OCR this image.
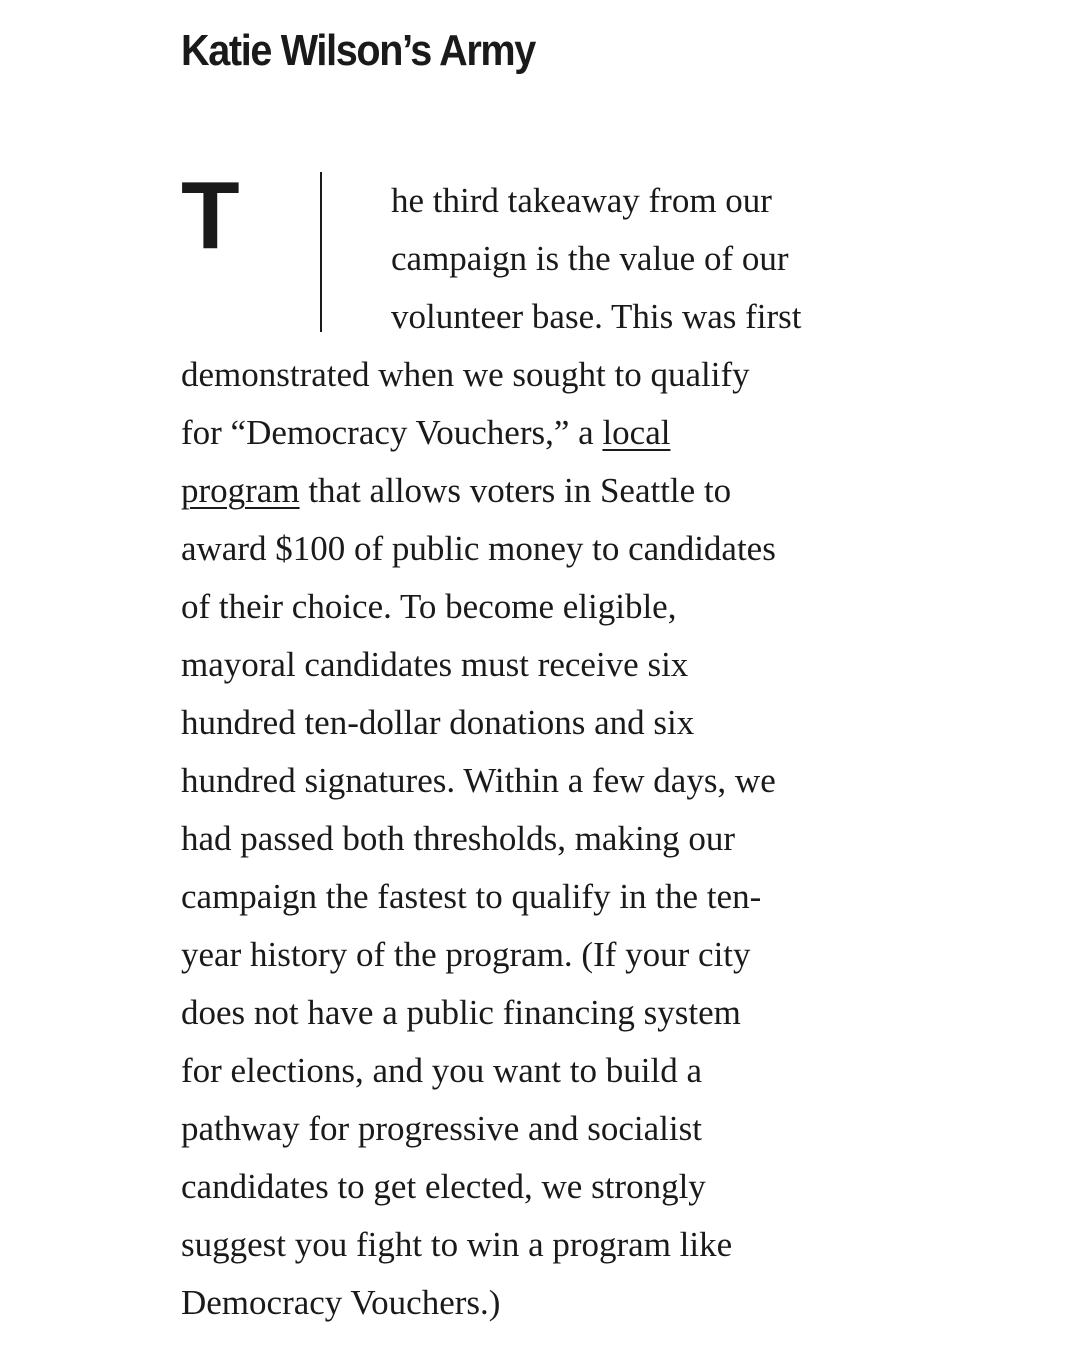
Katie Wilson’s Army
T	he third takeaway from our
campaign is the value of our
volunteer base. This was first
demonstrated when we sought to qualify
for “Democracy Vouchers,” a local
program that allows voters in Seattle to
award $100 of public money to candidates
of their choice. To become eligible,
mayoral candidates must receive six
hundred ten-dollar donations and six
hundred signatures. Within a few days, we
had passed both thresholds, making our
campaign the fastest to qualify in the ten-
year history of the program. (If your city
does not have a public financing system
for elections, and you want to build a
pathway for progressive and socialist
candidates to get elected, we strongly
suggest you fight to win a program like
Democracy Vouchers.)
